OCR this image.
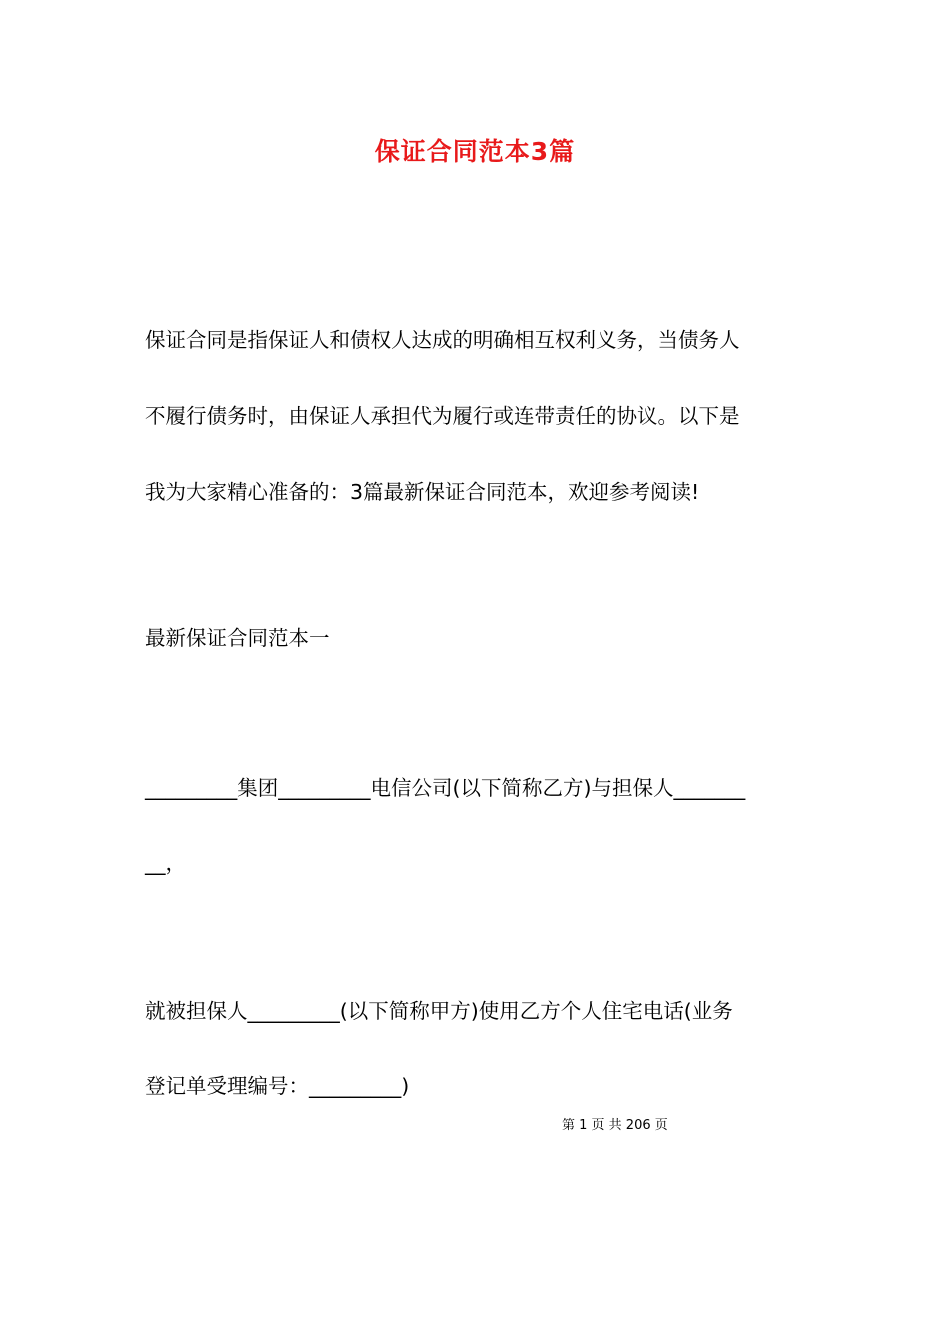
保证合同范本3篇
保证合同是指保证人和债权人达成的明确相互权利义务，当债务人
不履行债务时，由保证人承担代为履行或连带责任的协议。以下是
我为大家精心准备的：3篇最新保证合同范本，欢迎参考阅读!
最新保证合同范本一
_________集团_________电信公司(以下简称乙方)与担保人_______
__，
就被担保人_________(以下简称甲方)使用乙方个人住宅电话(业务
登记单受理编号：_________)
第 1 页 共 206 页
